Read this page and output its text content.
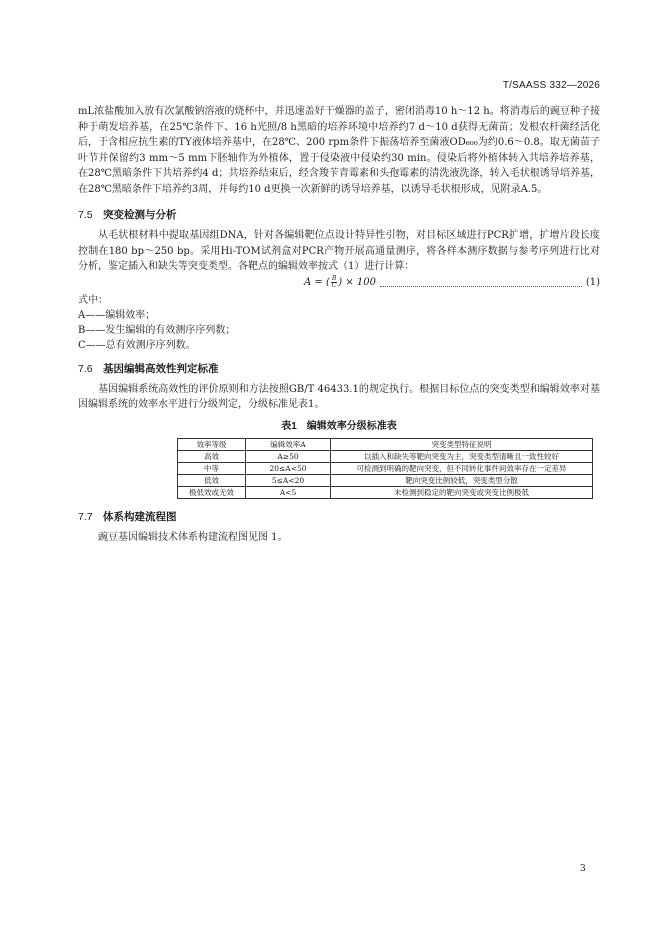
T/SAASS 332—2026

mL浓盐酸加入放有次氯酸钠溶液的烧杯中，并迅速盖好干燥器的盖子，密闭消毒10 h～12 h。将消毒后的豌豆种子接种于萌发培养基，在25℃条件下、16 h光照/8 h黑暗的培养环境中培养约7 d～10 d获得无菌苗；发根农杆菌经活化后，于含相应抗生素的TY液体培养基中，在28℃、200 rpm条件下振荡培养至菌液OD₆₀₀为约0.6～0.8。取无菌苗子叶节并保留约3 mm～5 mm下胚轴作为外植体，置于侵染液中侵染约30 min。侵染后将外植体转入共培养培养基，在28℃黑暗条件下共培养约4 d；共培养结束后，经含羧苄青霉素和头孢霉素的清洗液洗涤，转入毛状根诱导培养基，在28℃黑暗条件下培养约3周，并每约10 d更换一次新鲜的诱导培养基，以诱导毛状根形成，见附录A.5。

7.5 突变检测与分析

从毛状根材料中提取基因组DNA，针对各编辑靶位点设计特异性引物，对目标区域进行PCR扩增，扩增片段长度控制在180 bp～250 bp。采用Hi-TOM试剂盒对PCR产物开展高通量测序，将各样本测序数据与参考序列进行比对分析，鉴定插入和缺失等突变类型。各靶点的编辑效率按式（1）进行计算：

A = ( $\frac{B}{C}$ ) × 100	(1)

式中：

A——编辑效率；

B——发生编辑的有效测序序列数；

C——总有效测序序列数。

7.6 基因编辑高效性判定标准

基因编辑系统高效性的评价原则和方法按照GB/T 46433.1的规定执行。根据目标位点的突变类型和编辑效率对基因编辑系统的效率水平进行分级判定，分级标准见表1。

表1　编辑效率分级标准表
效率等级	编辑效率A	突变类型特征说明
高效	A≥50	以插入和缺失等靶向突变为主，突变类型清晰且一致性较好
中等	20≤A<50	可检测到明确的靶向突变，但不同转化事件间效率存在一定差异
低效	5≤A<20	靶向突变比例较低，突变类型分散
极低效或无效	A<5	未检测到稳定的靶向突变或突变比例极低
7.7 体系构建流程图

豌豆基因编辑技术体系构建流程图见图 1。

3
